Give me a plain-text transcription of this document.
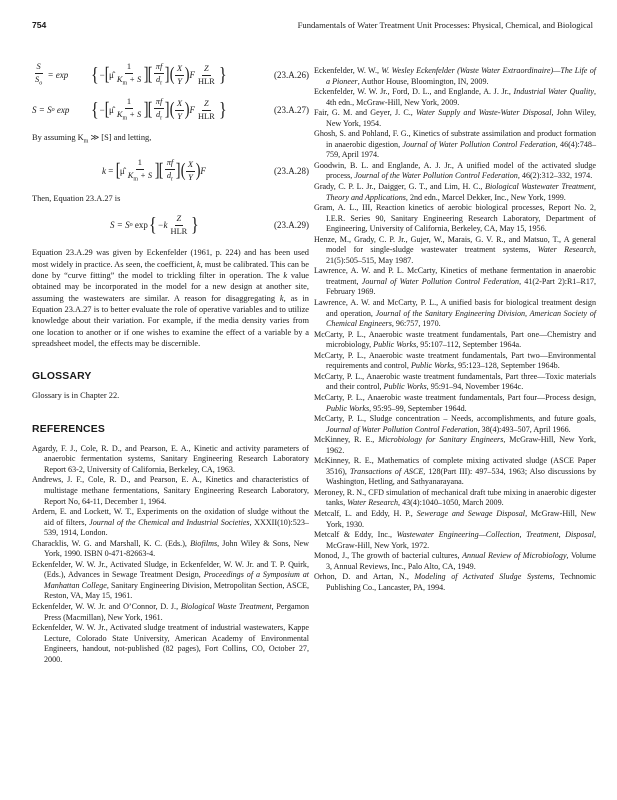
754	Fundamentals of Water Treatment Unit Processes: Physical, Chemical, and Biological
$\frac{S}{S_o} = \exp$ { − [ μ̂ $\frac{1}{K_m + S}$ ] [ $\frac{\pi f}{d_r}$ ] ( $\frac{X}{Y}$ ) F $\frac{Z}{\text{HLR}}$ }	(23.A.26)
S = S o
exp { − [ μ̂ $\frac{1}{K_m + S}$ ] [ $\frac{\pi f}{d_r}$ ] ( $\frac{X}{Y}$ ) F $\frac{Z}{\text{HLR}}$ }	(23.A.27)
By assuming $K_m$ ≫ [S] and letting,
k = [ μ̂ $\frac{1}{K_m + S}$ ] [ $\frac{\pi f}{d_r}$ ] ( $\frac{X}{Y}$ ) F	(23.A.28)
Then, Equation 23.A.27 is
S = S o
exp { $-k \frac{Z}{\text{HLR}}$ }	(23.A.29)
Equation 23.A.29 was given by Eckenfelder (1961, p. 224) and has been used most widely in practice. As seen, the coefficient, k, must be calibrated. This can be done by “curve fitting” the model to trickling filter in operation. The k value obtained may be incorporated in the model for a new design at another site, assuming the wastewaters are similar. A reason for disaggregating k, as in Equation 23.A.27 is to better evaluate the role of operative variables and to utilize knowledge about their variation. For example, if the media density varies from one location to another or if one wishes to examine the effect of a variable by a spreadsheet model, the effects may be discernible.
GLOSSARY
Glossary is in Chapter 22.
REFERENCES
Agardy, F. J., Cole, R. D., and Pearson, E. A., Kinetic and activity parameters of anaerobic fermentation systems, Sanitary Engineering Research Laboratory Report 63-2, University of California, Berkeley, CA, 1963.
Andrews, J. F., Cole, R. D., and Pearson, E. A., Kinetics and characteristics of multistage methane fermentations, Sanitary Engineering Research Laboratory, Report No, 64-11, December 1, 1964.
Ardern, E. and Lockett, W. T., Experiments on the oxidation of sludge without the aid of filters, Journal of the Chemical and Industrial Societies, XXXII(10):523–539, 1914, London.
Characklis, W. G. and Marshall, K. C. (Eds.), Biofilms, John Wiley & Sons, New York, 1990. ISBN 0-471-82663-4.
Eckenfelder, W. W. Jr., Activated Sludge, in Eckenfelder, W. W. Jr. and T. P. Quirk, (Eds.), Advances in Sewage Treatment Design, Proceedings of a Symposium at Manhattan College, Sanitary Engineering Division, Metropolitan Section, ASCE, Reston, VA, May 15, 1961.
Eckenfelder, W. W. Jr. and O’Connor, D. J., Biological Waste Treatment, Pergamon Press (Macmillan), New York, 1961.
Eckenfelder, W. W. Jr., Activated sludge treatment of industrial wastewaters, Kappe Lecture, Colorado State University, American Academy of Environmental Engineers, handout, not-published (82 pages), Fort Collins, CO, October 27, 2000.
Eckenfelder, W. W., W. Wesley Eckenfelder (Waste Water Extraordinaire)—The Life of a Pioneer, Author House, Bloomington, IN, 2009.
Eckenfelder, W. W. Jr., Ford, D. L., and Englande, A. J. Jr., Industrial Water Quality, 4th edn., McGraw-Hill, New York, 2009.
Fair, G. M. and Geyer, J. C., Water Supply and Waste-Water Disposal, John Wiley, New York, 1954.
Ghosh, S. and Pohland, F. G., Kinetics of substrate assimilation and product formation in anaerobic digestion, Journal of Water Pollution Control Federation, 46(4):748–759, April 1974.
Goodwin, B. L. and Englande, A. J. Jr., A unified model of the activated sludge process, Journal of the Water Pollution Control Federation, 46(2):312–332, 1974.
Grady, C. P. L. Jr., Daigger, G. T., and Lim, H. C., Biological Wastewater Treatment, Theory and Applications, 2nd edn., Marcel Dekker, Inc., New York, 1999.
Gram, A. L., III, Reaction kinetics of aerobic biological processes, Report No. 2, I.E.R. Series 90, Sanitary Engineering Research Laboratory, Department of Engineering, University of California, Berkeley, CA, May 15, 1956.
Henze, M., Grady, C. P. Jr., Gujer, W., Marais, G. V. R., and Matsuo, T., A general model for single-sludge wastewater treatment systems, Water Research, 21(5):505–515, May 1987.
Lawrence, A. W. and P. L. McCarty, Kinetics of methane fermentation in anaerobic treatment, Journal of Water Pollution Control Federation, 41(2-Part 2):R1–R17, February 1969.
Lawrence, A. W. and McCarty, P. L., A unified basis for biological treatment design and operation, Journal of the Sanitary Engineering Division, American Society of Chemical Engineers, 96:757, 1970.
McCarty, P. L., Anaerobic waste treatment fundamentals, Part one—Chemistry and microbiology, Public Works, 95:107–112, September 1964a.
McCarty, P. L., Anaerobic waste treatment fundamentals, Part two—Environmental requirements and control, Public Works, 95:123–128, September 1964b.
McCarty, P. L., Anaerobic waste treatment fundamentals, Part three—Toxic materials and their control, Public Works, 95:91–94, November 1964c.
McCarty, P. L., Anaerobic waste treatment fundamentals, Part four—Process design, Public Works, 95:95–99, September 1964d.
McCarty, P. L., Sludge concentration – Needs, accomplishments, and future goals, Journal of Water Pollution Control Federation, 38(4):493–507, April 1966.
McKinney, R. E., Microbiology for Sanitary Engineers, McGraw-Hill, New York, 1962.
McKinney, R. E., Mathematics of complete mixing activated sludge (ASCE Paper 3516), Transactions of ASCE, 128(Part III): 497–534, 1963; Also discussions by Washington, Hetling, and Sathyanarayana.
Meroney, R. N., CFD simulation of mechanical draft tube mixing in anaerobic digester tanks, Water Research, 43(4):1040–1050, March 2009.
Metcalf, L. and Eddy, H. P., Sewerage and Sewage Disposal, McGraw-Hill, New York, 1930.
Metcalf & Eddy, Inc., Wastewater Engineering—Collection, Treatment, Disposal, McGraw-Hill, New York, 1972.
Monod, J., The growth of bacterial cultures, Annual Review of Microbiology, Volume 3, Annual Reviews, Inc., Palo Alto, CA, 1949.
Orhon, D. and Artan, N., Modeling of Activated Sludge Systems, Technomic Publishing Co., Lancaster, PA, 1994.
